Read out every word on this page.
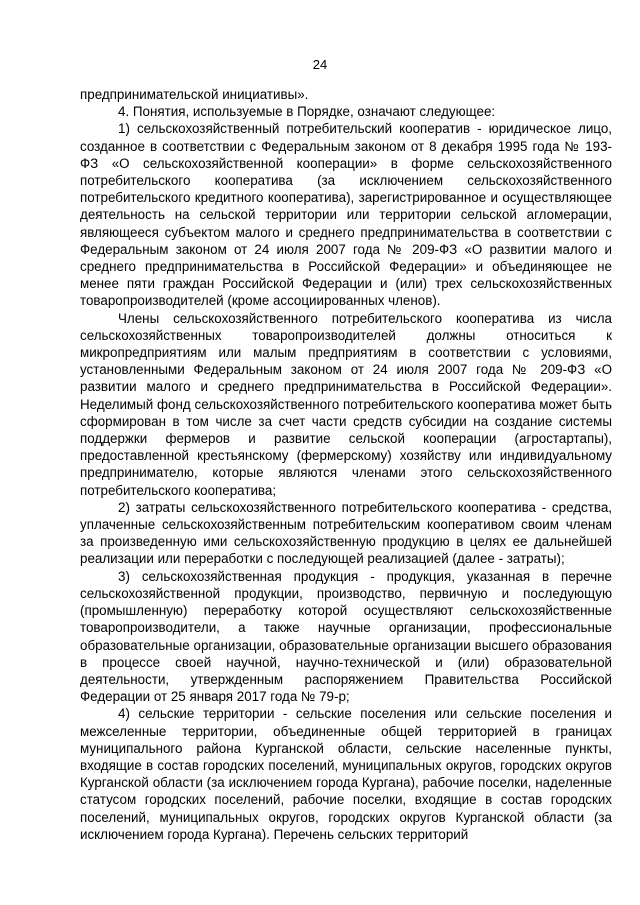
24

предпринимательской инициативы».

4. Понятия, используемые в Порядке, означают следующее:

1) сельскохозяйственный потребительский кооператив - юридическое лицо, созданное в соответствии с Федеральным законом от 8 декабря 1995 года № 193-ФЗ «О сельскохозяйственной кооперации» в форме сельскохозяйственного потребительского кооператива (за исключением сельскохозяйственного потребительского кредитного кооператива), зарегистрированное и осуществляющее деятельность на сельской территории или территории сельской агломерации, являющееся субъектом малого и среднего предпринимательства в соответствии с Федеральным законом от 24 июля 2007 года № 209-ФЗ «О развитии малого и среднего предпринимательства в Российской Федерации» и объединяющее не менее пяти граждан Российской Федерации и (или) трех сельскохозяйственных товаропроизводителей (кроме ассоциированных членов).

Члены сельскохозяйственного потребительского кооператива из числа сельскохозяйственных товаропроизводителей должны относиться к микропредприятиям или малым предприятиям в соответствии с условиями, установленными Федеральным законом от 24 июля 2007 года № 209-ФЗ «О развитии малого и среднего предпринимательства в Российской Федерации». Неделимый фонд сельскохозяйственного потребительского кооператива может быть сформирован в том числе за счет части средств субсидии на создание системы поддержки фермеров и развитие сельской кооперации (агростартапы), предоставленной крестьянскому (фермерскому) хозяйству или индивидуальному предпринимателю, которые являются членами этого сельскохозяйственного потребительского кооператива;

2) затраты сельскохозяйственного потребительского кооператива - средства, уплаченные сельскохозяйственным потребительским кооперативом своим членам за произведенную ими сельскохозяйственную продукцию в целях ее дальнейшей реализации или переработки с последующей реализацией (далее - затраты);

3) сельскохозяйственная продукция - продукция, указанная в перечне сельскохозяйственной продукции, производство, первичную и последующую (промышленную) переработку которой осуществляют сельскохозяйственные товаропроизводители, а также научные организации, профессиональные образовательные организации, образовательные организации высшего образования в процессе своей научной, научно-технической и (или) образовательной деятельности, утвержденным распоряжением Правительства Российской Федерации от 25 января 2017 года № 79-р;

4) сельские территории - сельские поселения или сельские поселения и межселенные территории, объединенные общей территорией в границах муниципального района Курганской области, сельские населенные пункты, входящие в состав городских поселений, муниципальных округов, городских округов Курганской области (за исключением города Кургана), рабочие поселки, наделенные статусом городских поселений, рабочие поселки, входящие в состав городских поселений, муниципальных округов, городских округов Курганской области (за исключением города Кургана). Перечень сельских территорий
